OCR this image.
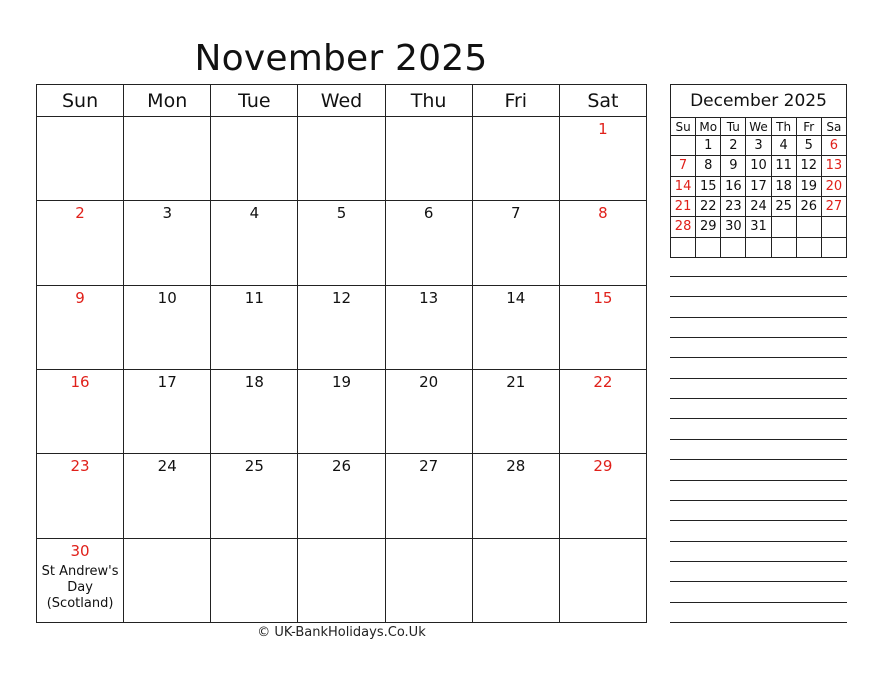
November 2025
Sun	Mon	Tue	Wed	Thu	Fri	Sat

						1

2	3	4	5	6	7	8

9	10	11	12	13	14	15

16	17	18	19	20	21	22

23	24	25	26	27	28	29

30
St Andrew's Day (Scotland)						

December 2025						
Su	Mo	Tu	We	Th	Fr	Sa
	1	2	3	4	5	6
7	8	9	10	11	12	13
14	15	16	17	18	19	20
21	22	23	24	25	26	27
28	29	30	31			

© UK-BankHolidays.Co.Uk
